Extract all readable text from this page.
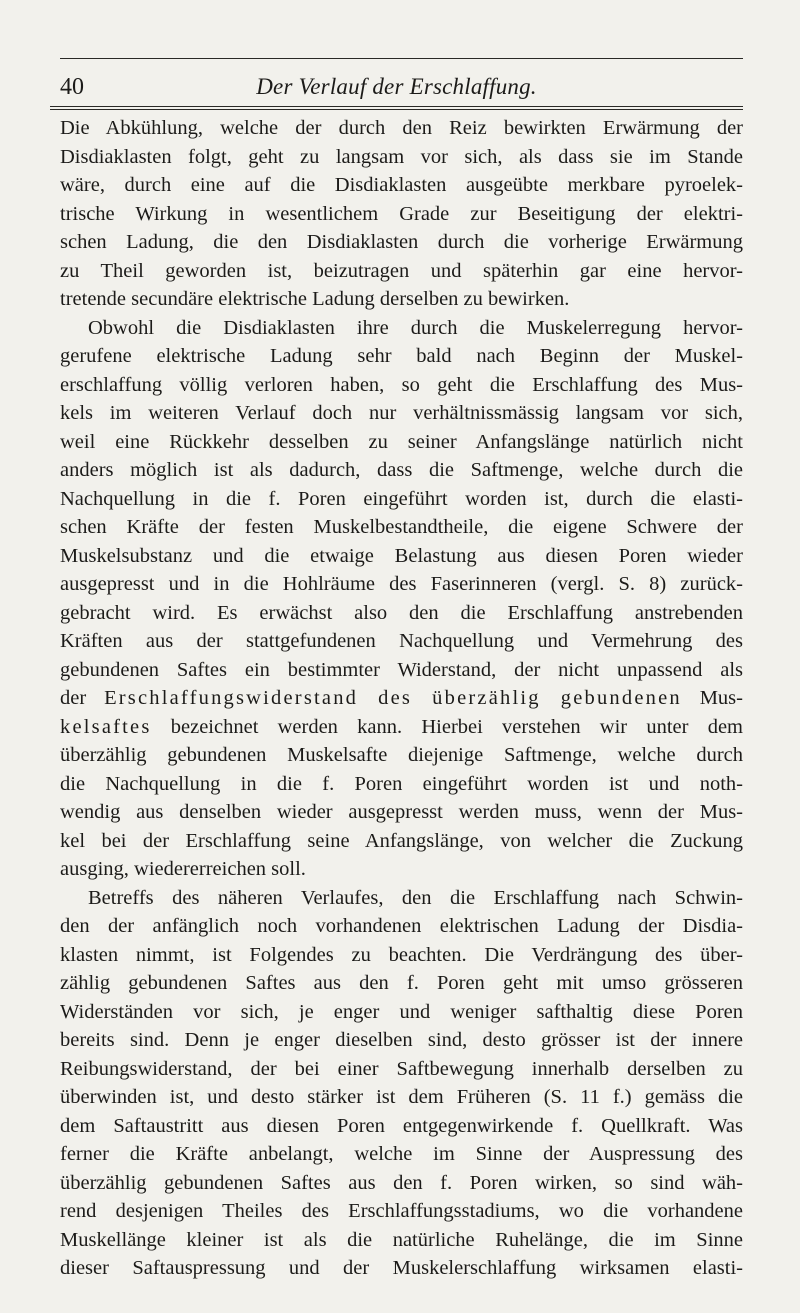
40	Der Verlauf der Erschlaffung.
Die Abkühlung, welche der durch den Reiz bewirkten Erwärmung der
Disdiaklasten folgt, geht zu langsam vor sich, als dass sie im Stande
wäre, durch eine auf die Disdiaklasten ausgeübte merkbare pyroelek-
trische Wirkung in wesentlichem Grade zur Beseitigung der elektri-
schen Ladung, die den Disdiaklasten durch die vorherige Erwärmung
zu Theil geworden ist, beizutragen und späterhin gar eine hervor-
tretende secundäre elektrische Ladung derselben zu bewirken.
Obwohl die Disdiaklasten ihre durch die Muskelerregung hervor-
gerufene elektrische Ladung sehr bald nach Beginn der Muskel-
erschlaffung völlig verloren haben, so geht die Erschlaffung des Mus-
kels im weiteren Verlauf doch nur verhältnissmässig langsam vor sich,
weil eine Rückkehr desselben zu seiner Anfangslänge natürlich nicht
anders möglich ist als dadurch, dass die Saftmenge, welche durch die
Nachquellung in die f. Poren eingeführt worden ist, durch die elasti-
schen Kräfte der festen Muskelbestandtheile, die eigene Schwere der
Muskelsubstanz und die etwaige Belastung aus diesen Poren wieder
ausgepresst und in die Hohlräume des Faserinneren (vergl. S. 8) zurück-
gebracht wird. Es erwächst also den die Erschlaffung anstrebenden
Kräften aus der stattgefundenen Nachquellung und Vermehrung des
gebundenen Saftes ein bestimmter Widerstand, der nicht unpassend als
der Erschlaffungswiderstand des überzählig gebundenen Mus-
kelsaftes bezeichnet werden kann. Hierbei verstehen wir unter dem
überzählig gebundenen Muskelsafte diejenige Saftmenge, welche durch
die Nachquellung in die f. Poren eingeführt worden ist und noth-
wendig aus denselben wieder ausgepresst werden muss, wenn der Mus-
kel bei der Erschlaffung seine Anfangslänge, von welcher die Zuckung
ausging, wiedererreichen soll.
Betreffs des näheren Verlaufes, den die Erschlaffung nach Schwin-
den der anfänglich noch vorhandenen elektrischen Ladung der Disdia-
klasten nimmt, ist Folgendes zu beachten. Die Verdrängung des über-
zählig gebundenen Saftes aus den f. Poren geht mit umso grösseren
Widerständen vor sich, je enger und weniger safthaltig diese Poren
bereits sind. Denn je enger dieselben sind, desto grösser ist der innere
Reibungswiderstand, der bei einer Saftbewegung innerhalb derselben zu
überwinden ist, und desto stärker ist dem Früheren (S. 11 f.) gemäss die
dem Saftaustritt aus diesen Poren entgegenwirkende f. Quellkraft. Was
ferner die Kräfte anbelangt, welche im Sinne der Auspressung des
überzählig gebundenen Saftes aus den f. Poren wirken, so sind wäh-
rend desjenigen Theiles des Erschlaffungsstadiums, wo die vorhandene
Muskellänge kleiner ist als die natürliche Ruhelänge, die im Sinne
dieser Saftauspressung und der Muskelerschlaffung wirksamen elasti-
